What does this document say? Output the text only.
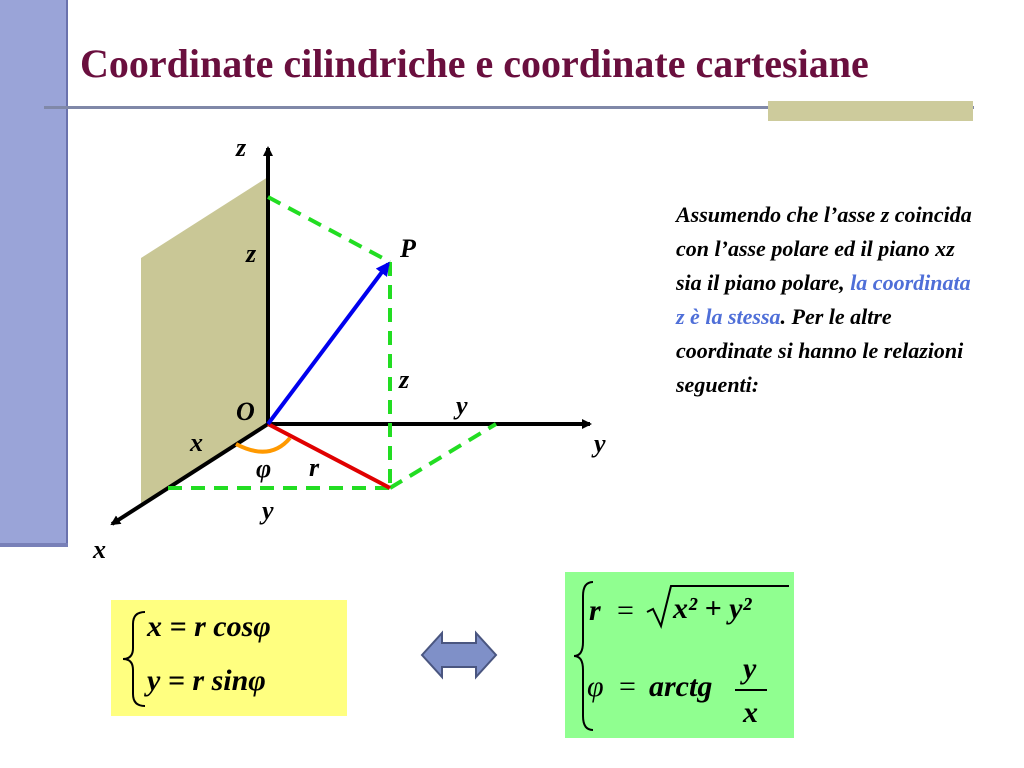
Coordinate cilindriche e coordinate cartesiane
z
z	P
z
O	y
y
x
φ r
y
x

Assumendo che l’asse z coincida con l’asse polare ed il piano xz sia il piano polare, la coordinata z è la stessa. Per le altre coordinate si hanno le relazioni seguenti:

x = r cosφ
y = r sinφ
r = x² + y²
φ = arctg
y
x
